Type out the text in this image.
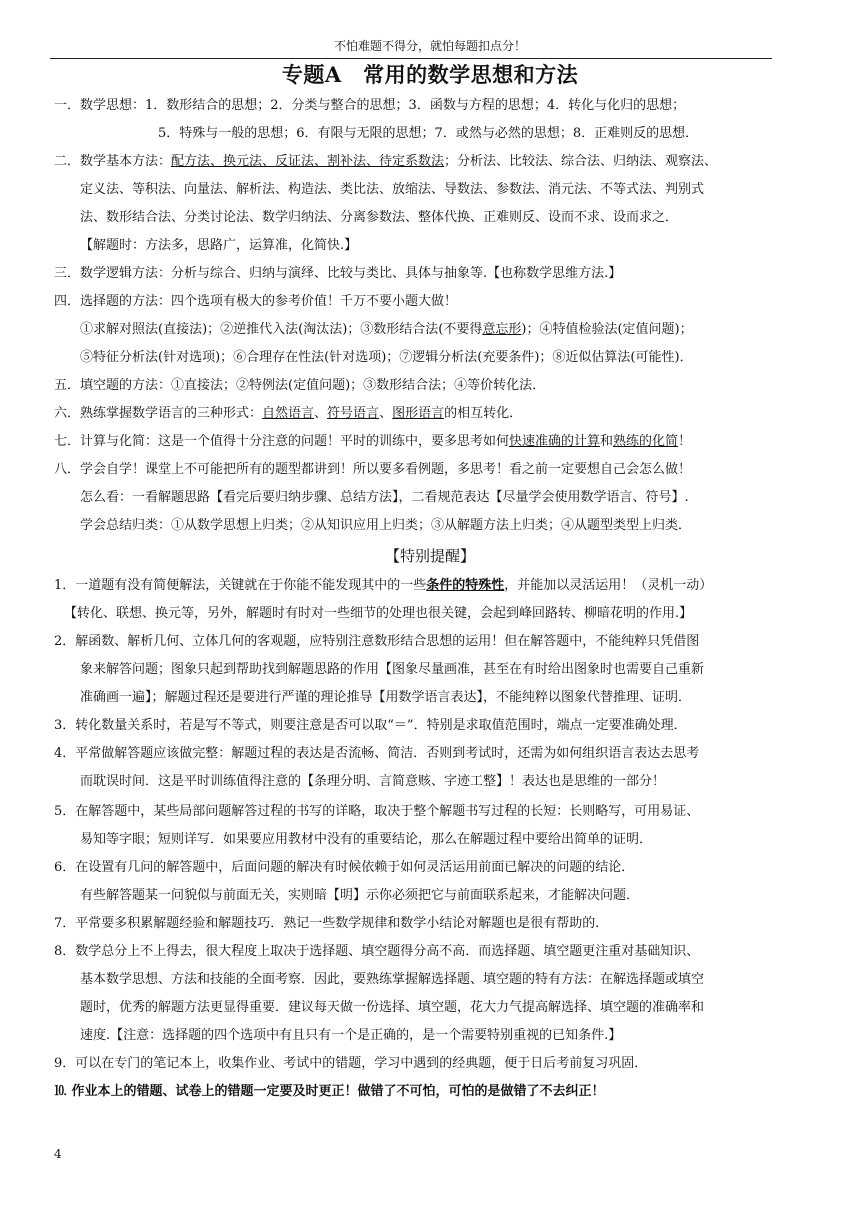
不怕难题不得分，就怕每题扣点分！
专题A　常用的数学思想和方法
一．数学思想：1．数形结合的思想；2．分类与整合的思想；3．函数与方程的思想；4．转化与化归的思想；
5．特殊与一般的思想；6．有限与无限的思想；7．或然与必然的思想；8．正难则反的思想．
二．数学基本方法：配方法、换元法、反证法、割补法、待定系数法；分析法、比较法、综合法、归纳法、观察法、
定义法、等积法、向量法、解析法、构造法、类比法、放缩法、导数法、参数法、消元法、不等式法、判别式
法、数形结合法、分类讨论法、数学归纳法、分离参数法、整体代换、正难则反、设而不求、设而求之．
【解题时：方法多，思路广，运算准，化简快.】
三．数学逻辑方法：分析与综合、归纳与演绎、比较与类比、具体与抽象等.【也称数学思维方法.】
四．选择题的方法：四个选项有极大的参考价值！千万不要小题大做！
①求解对照法(直接法)；②逆推代入法(淘汰法)；③数形结合法(不要得意忘形)；④特值检验法(定值问题)；
⑤特征分析法(针对选项)；⑥合理存在性法(针对选项)；⑦逻辑分析法(充要条件)；⑧近似估算法(可能性)．
五．填空题的方法：①直接法；②特例法(定值问题)；③数形结合法；④等价转化法．
六．熟练掌握数学语言的三种形式：自然语言、符号语言、图形语言的相互转化．
七．计算与化简：这是一个值得十分注意的问题！平时的训练中，要多思考如何快速准确的计算和熟练的化简！
八．学会自学！课堂上不可能把所有的题型都讲到！所以要多看例题，多思考！看之前一定要想自己会怎么做！
怎么看：一看解题思路【看完后要归纳步骤、总结方法】，二看规范表达【尽量学会使用数学语言、符号】.
学会总结归类：①从数学思想上归类；②从知识应用上归类；③从解题方法上归类；④从题型类型上归类．
【特别提醒】
1．一道题有没有简便解法，关键就在于你能不能发现其中的一些条件的特殊性，并能加以灵活运用！（灵机一动）
【转化、联想、换元等，另外，解题时有时对一些细节的处理也很关键，会起到峰回路转、柳暗花明的作用.】
2．解函数、解析几何、立体几何的客观题，应特别注意数形结合思想的运用！但在解答题中，不能纯粹只凭借图
象来解答问题；图象只起到帮助找到解题思路的作用【图象尽量画准，甚至在有时给出图象时也需要自己重新
准确画一遍】；解题过程还是要进行严谨的理论推导【用数学语言表达】，不能纯粹以图象代替推理、证明．
3．转化数量关系时，若是写不等式，则要注意是否可以取“＝”．特别是求取值范围时，端点一定要准确处理．
4．平常做解答题应该做完整：解题过程的表达是否流畅、简洁．否则到考试时，还需为如何组织语言表达去思考
而耽误时间．这是平时训练值得注意的【条理分明、言简意赅、字迹工整】！表达也是思维的一部分！
5．在解答题中，某些局部问题解答过程的书写的详略，取决于整个解题书写过程的长短：长则略写，可用易证、
易知等字眼；短则详写．如果要应用教材中没有的重要结论，那么在解题过程中要给出简单的证明．
6．在设置有几问的解答题中，后面问题的解决有时候依赖于如何灵活运用前面已解决的问题的结论．
有些解答题某一问貌似与前面无关，实则暗【明】示你必须把它与前面联系起来，才能解决问题．
7．平常要多积累解题经验和解题技巧．熟记一些数学规律和数学小结论对解题也是很有帮助的．
8．数学总分上不上得去，很大程度上取决于选择题、填空题得分高不高．而选择题、填空题更注重对基础知识、
基本数学思想、方法和技能的全面考察．因此，要熟练掌握解选择题、填空题的特有方法：在解选择题或填空
题时，优秀的解题方法更显得重要．建议每天做一份选择、填空题，花大力气提高解选择、填空题的准确率和
速度.【注意：选择题的四个选项中有且只有一个是正确的，是一个需要特别重视的已知条件.】
9．可以在专门的笔记本上，收集作业、考试中的错题，学习中遇到的经典题，便于日后考前复习巩固．
⒑ 作业本上的错题、试卷上的错题一定要及时更正！做错了不可怕，可怕的是做错了不去纠正！
4
